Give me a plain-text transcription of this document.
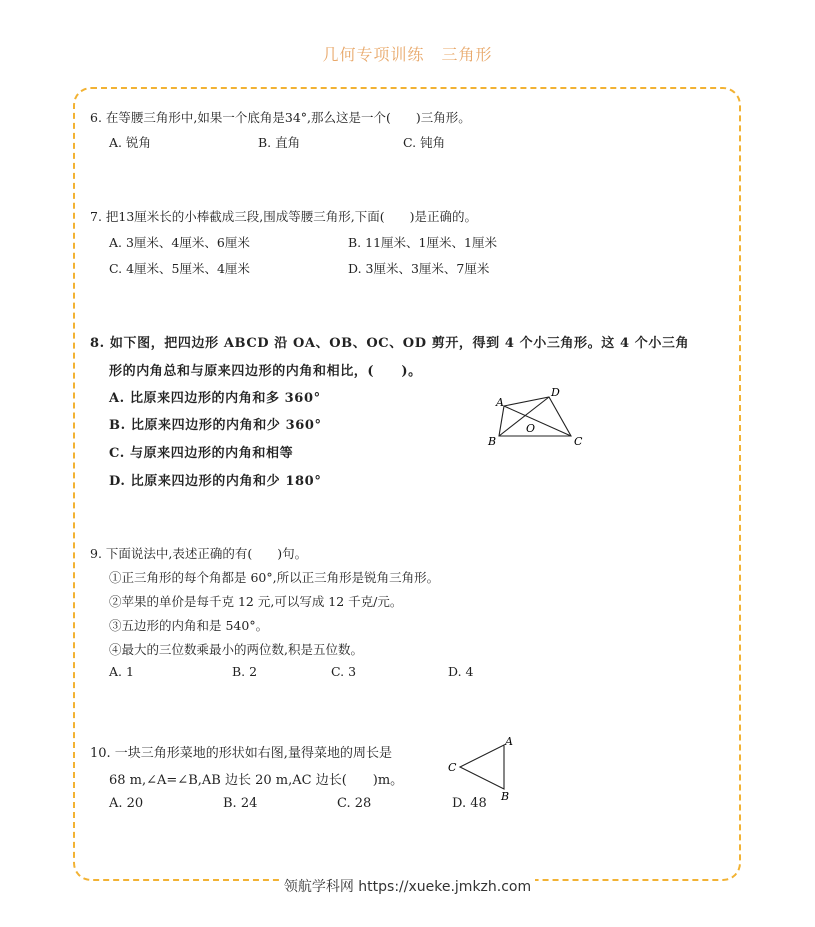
几何专项训练　三角形
6. 在等腰三角形中,如果一个底角是34°,那么这是一个(　　)三角形。
A. 锐角	B. 直角	C. 钝角
7. 把13厘米长的小棒截成三段,围成等腰三角形,下面(　　)是正确的。
A. 3厘米、4厘米、6厘米	B. 11厘米、1厘米、1厘米
C. 4厘米、5厘米、4厘米	D. 3厘米、3厘米、7厘米
8. 如下图，把四边形 ABCD 沿 OA、OB、OC、OD 剪开，得到 4 个小三角形。这 4 个小三角
形的内角总和与原来四边形的内角和相比，(　　)。
A. 比原来四边形的内角和多 360°
B. 比原来四边形的内角和少 360°
C. 与原来四边形的内角和相等
D. 比原来四边形的内角和少 180°
A
D
B	C
O
9. 下面说法中,表述正确的有(　　)句。
①正三角形的每个角都是 60°,所以正三角形是锐角三角形。
②苹果的单价是每千克 12 元,可以写成 12 千克/元。
③五边形的内角和是 540°。
④最大的三位数乘最小的两位数,积是五位数。
A. 1	B. 2	C. 3	D. 4
10. 一块三角形菜地的形状如右图,量得菜地的周长是
68 m,∠A=∠B,AB 边长 20 m,AC 边长(　　)m。
A. 20	B. 24	C. 28	D. 48
A
B
C
领航学科网 https://xueke.jmkzh.com
